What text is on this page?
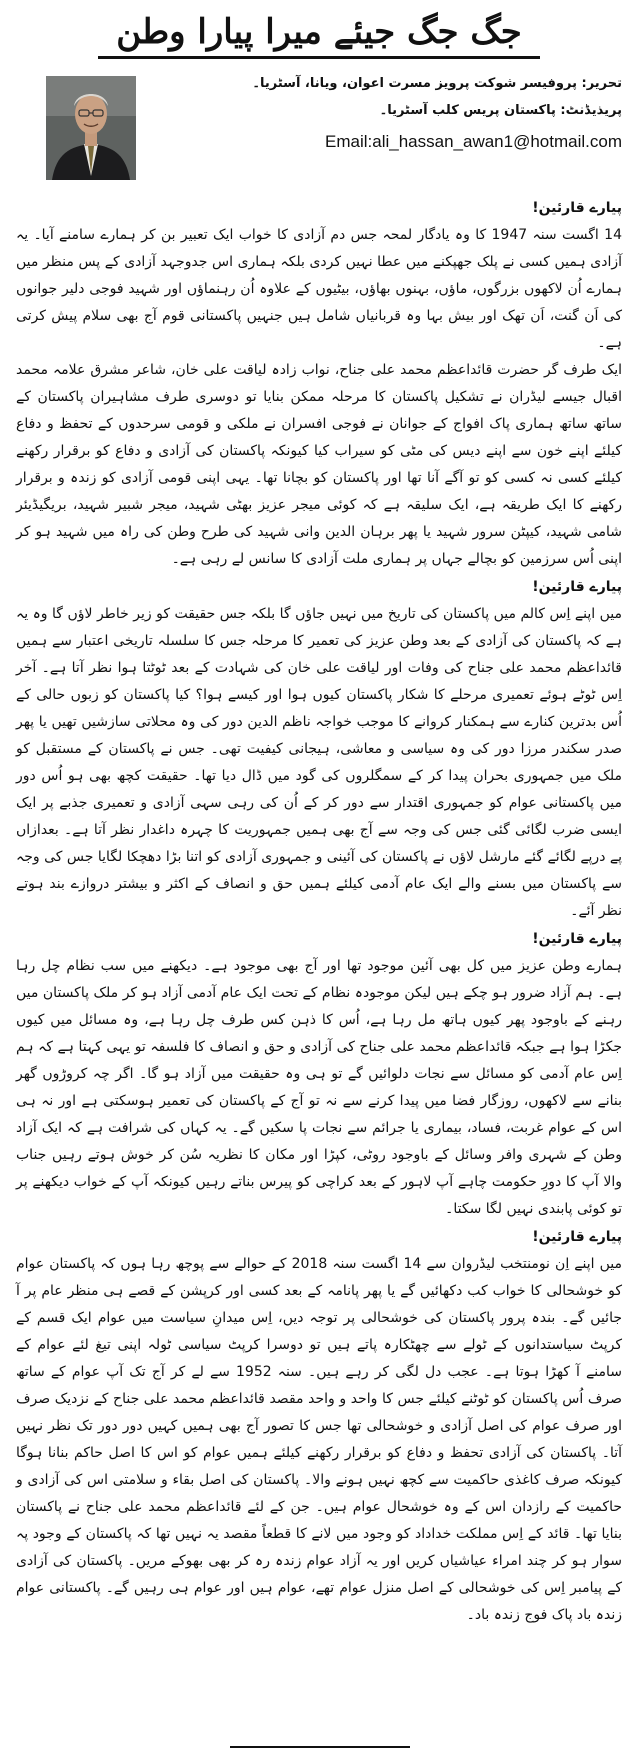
جگ جگ جیئے میرا پیارا وطن
تحریر: پروفیسر شوکت پرویز مسرت اعوان، ویانا، آسٹریا۔
پریذیڈنٹ: پاکستان پریس کلب آسٹریا۔
Email:ali_hassan_awan1@hotmail.com

پیارے قارئین!

14 اگست سنہ 1947 کا وہ یادگار لمحہ جس دم آزادی کا خواب ایک تعبیر بن کر ہمارے سامنے آیا۔ یہ آزادی ہمیں کسی نے پلک جھپکنے میں عطا نہیں کردی بلکہ ہماری اس جدوجہد آزادی کے پس منظر میں ہمارے اُن لاکھوں بزرگوں، ماؤں، بہنوں بھاؤں، بیٹیوں کے علاوہ اُن رہنماؤں اور شہید فوجی دلیر جوانوں کی اَن گنت، اَن تھک اور بیش بہا وہ قربانیاں شامل ہیں جنہیں پاکستانی قوم آج بھی سلام پیش کرتی ہے۔

ایک طرف گر حضرت قائداعظم محمد علی جناح، نواب زادہ لیاقت علی خان، شاعر مشرق علامہ محمد اقبال جیسے لیڈران نے تشکیل پاکستان کا مرحلہ ممکن بنایا تو دوسری طرف مشاہیران پاکستان کے ساتھ ساتھ ہماری پاک افواج کے جوانان نے فوجی افسران نے ملکی و قومی سرحدوں کے تحفظ و دفاع کیلئے اپنے خون سے اپنے دیس کی مٹی کو سیراب کیا کیونکہ پاکستان کی آزادی و دفاع کو برقرار رکھنے کیلئے کسی نہ کسی کو تو آگے آنا تھا اور پاکستان کو بچانا تھا۔ یہی اپنی قومی آزادی کو زندہ و برقرار رکھنے کا ایک طریقہ ہے، ایک سلیقہ ہے کہ کوئی میجر عزیز بھٹی شہید، میجر شبیر شہید، بریگیڈیئر شامی شہید، کیپٹن سرور شہید یا پھر برہان الدین وانی شہید کی طرح وطن کی راہ میں شہید ہو کر اپنی اُس سرزمین کو بچالے جہاں پر ہماری ملت آزادی کا سانس لے رہی ہے۔

پیارے قارئین!

میں اپنے اِس کالم میں پاکستان کی تاریخ میں نہیں جاؤں گا بلکہ جس حقیقت کو زیر خاطر لاؤں گا وہ یہ ہے کہ پاکستان کی آزادی کے بعد وطن عزیز کی تعمیر کا مرحلہ جس کا سلسلہ تاریخی اعتبار سے ہمیں قائداعظم محمد علی جناح کی وفات اور لیاقت علی خان کی شہادت کے بعد ٹوٹتا ہوا نظر آتا ہے۔ آخر اِس ٹوٹے ہوئے تعمیری مرحلے کا شکار پاکستان کیوں ہوا اور کیسے ہوا؟ کیا پاکستان کو زبوں حالی کے اُس بدترین کنارے سے ہمکنار کروانے کا موجب خواجہ ناظم الدین دور کی وہ محلاتی سازشیں تھیں یا پھر صدر سکندر مرزا دور کی وہ سیاسی و معاشی، ہیجانی کیفیت تھی۔ جس نے پاکستان کے مستقبل کو ملک میں جمہوری بحران پیدا کر کے سمگلروں کی گود میں ڈال دیا تھا۔ حقیقت کچھ بھی ہو اُس دور میں پاکستانی عوام کو جمہوری اقتدار سے دور کر کے اُن کی رہی سہی آزادی و تعمیری جذبے پر ایک ایسی ضرب لگائی گئی جس کی وجہ سے آج بھی ہمیں جمہوریت کا چہرہ داغدار نظر آتا ہے۔ بعدازاں پے درپے لگائے گئے مارشل لاؤں نے پاکستان کی آئینی و جمہوری آزادی کو اتنا بڑا دھچکا لگایا جس کی وجہ سے پاکستان میں بسنے والے ایک عام آدمی کیلئے ہمیں حق و انصاف کے اکثر و بیشتر دروازے بند ہوتے نظر آئے۔

پیارے قارئین!

ہمارے وطن عزیز میں کل بھی آئین موجود تھا اور آج بھی موجود ہے۔ دیکھنے میں سب نظام چل رہا ہے۔ ہم آزاد ضرور ہو چکے ہیں لیکن موجودہ نظام کے تحت ایک عام آدمی آزاد ہو کر ملک پاکستان میں رہنے کے باوجود پھر کیوں ہاتھ مل رہا ہے، اُس کا ذہن کس طرف چل رہا ہے، وہ مسائل میں کیوں جکڑا ہوا ہے جبکہ قائداعظم محمد علی جناح کی آزادی و حق و انصاف کا فلسفہ تو یہی کہتا ہے کہ ہم اِس عام آدمی کو مسائل سے نجات دلوائیں گے تو ہی وہ حقیقت میں آزاد ہو گا۔ اگر چہ کروڑوں گھر بنانے سے لاکھوں، روزگار فضا میں پیدا کرنے سے نہ تو آج کے پاکستان کی تعمیر ہوسکتی ہے اور نہ ہی اس کے عوام غربت، فساد، بیماری یا جرائم سے نجات پا سکیں گے۔ یہ کہاں کی شرافت ہے کہ ایک آزاد وطن کے شہری وافر وسائل کے باوجود روٹی، کپڑا اور مکان کا نظریہ سُن کر خوش ہوتے رہیں جناب والا آپ کا دورِ حکومت چاہے آپ لاہور کے بعد کراچی کو پیرس بناتے رہیں کیونکہ آپ کے خواب دیکھنے پر تو کوئی پابندی نہیں لگا سکتا۔

پیارے قارئین!

میں اپنے اِن نومنتخب لیڈروان سے 14 اگست سنہ 2018 کے حوالے سے پوچھ رہا ہوں کہ پاکستان عوام کو خوشحالی کا خواب کب دکھائیں گے یا پھر پانامہ کے بعد کسی اور کرپشن کے قصے ہی منظر عام پر آ جائیں گے۔ بندہ پرور پاکستان کی خوشحالی پر توجہ دیں، اِس میدانِ سیاست میں عوام ایک قسم کے کرپٹ سیاستدانوں کے ٹولے سے چھٹکارہ پاتے ہیں تو دوسرا کرپٹ سیاسی ٹولہ اپنی تیغ لئے عوام کے سامنے آ کھڑا ہوتا ہے۔ عجب دل لگی کر رہے ہیں۔ سنہ 1952 سے لے کر آج تک آپ عوام کے ساتھ صرف اُس پاکستان کو ٹوٹنے کیلئے جس کا واحد و واحد مقصد قائداعظم محمد علی جناح کے نزدیک صرف اور صرف عوام کی اصل آزادی و خوشحالی تھا جس کا تصور آج بھی ہمیں کہیں دور دور تک نظر نہیں آتا۔ پاکستان کی آزادی تحفظ و دفاع کو برقرار رکھنے کیلئے ہمیں عوام کو اس کا اصل حاکم بنانا ہوگا کیونکہ صرف کاغذی حاکمیت سے کچھ نہیں ہونے والا۔ پاکستان کی اصل بقاء و سلامتی اس کی آزادی و حاکمیت کے رازدان اس کے وہ خوشحال عوام ہیں۔ جن کے لئے قائداعظم محمد علی جناح نے پاکستان بنایا تھا۔ قائد کے اِس مملکت خداداد کو وجود میں لانے کا قطعاً مقصد یہ نہیں تھا کہ پاکستان کے وجود پہ سوار ہو کر چند امراء عیاشیاں کریں اور یہ آزاد عوام زندہ رہ کر بھی بھوکے مریں۔ پاکستان کی آزادی کے پیامبر اِس کی خوشحالی کے اصل منزل عوام تھے، عوام ہیں اور عوام ہی رہیں گے۔ پاکستانی عوام زندہ باد پاک فوج زندہ باد۔
